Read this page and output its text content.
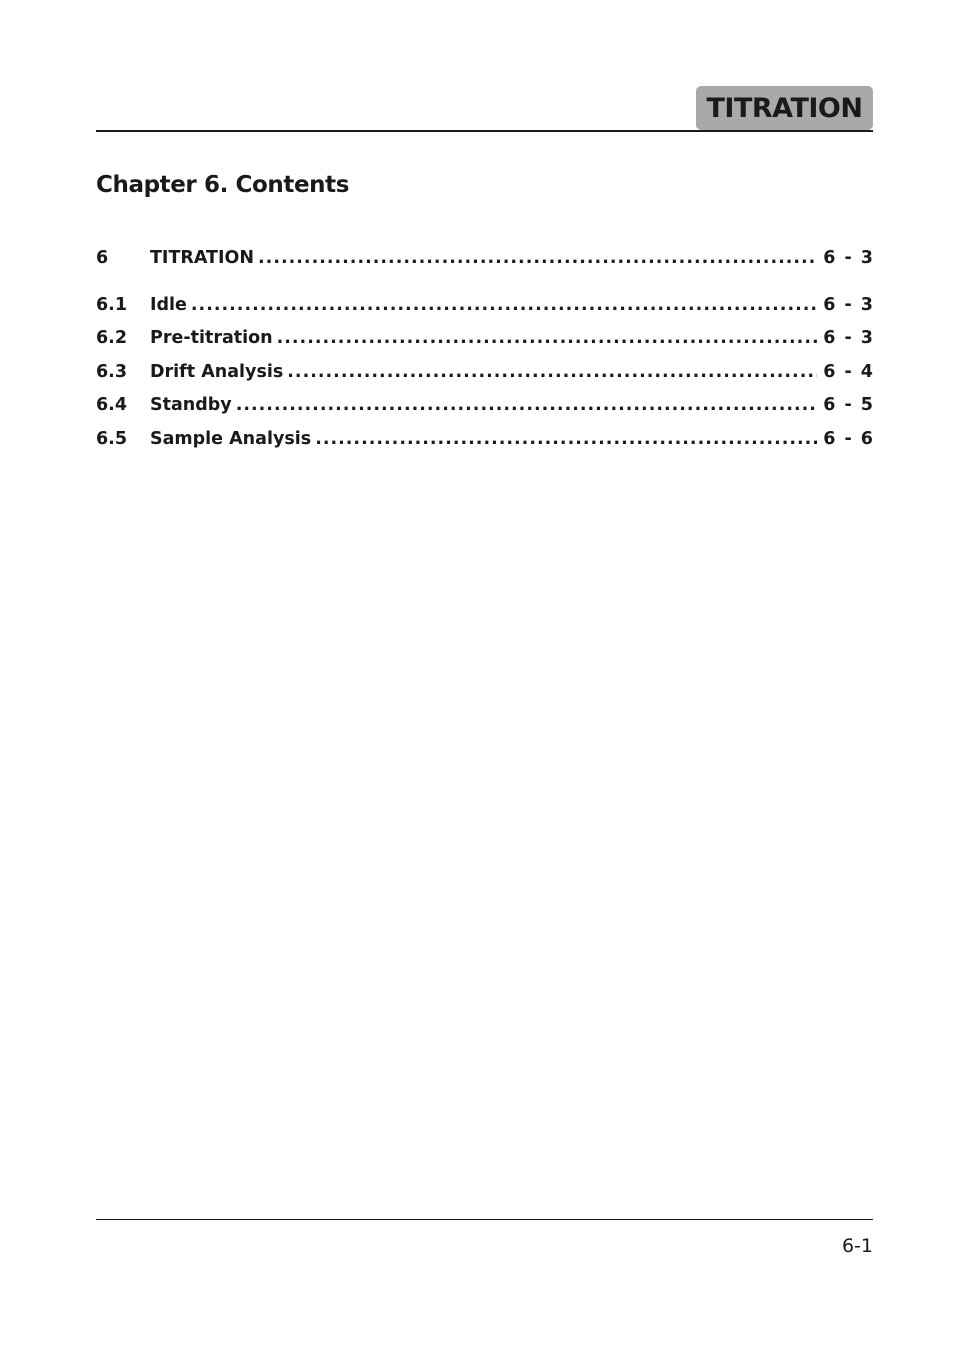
TITRATION
Chapter 6. Contents
6	TITRATION .....	6 - 3
6.1	Idle .....	6 - 3
6.2	Pre-titration .....	6 - 3
6.3	Drift Analysis .....	6 - 4
6.4	Standby .....	6 - 5
6.5	Sample Analysis .....	6 - 6
6-1
